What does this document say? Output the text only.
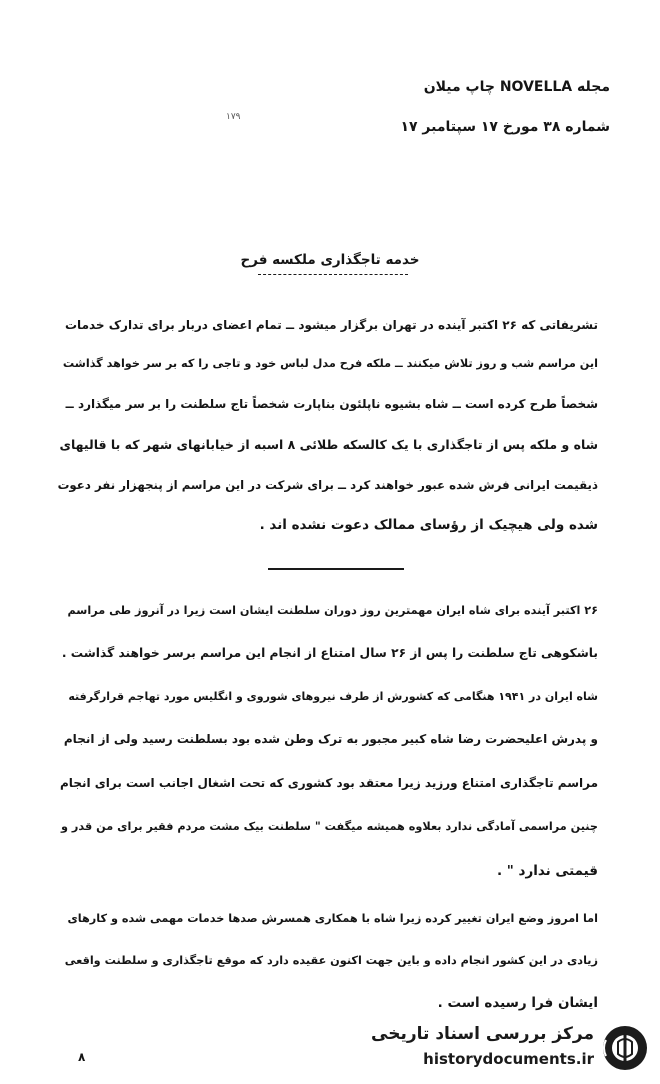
مجله NOVELLA چاپ میلان
شماره ۳۸ مورخ ۱۷ سپتامبر ۱۷
۱۷۹
خدمه تاجگذاری ملکسه فرح
تشریفاتی که ۲۶ اکتبر آینده در تهران برگزار میشود ــ تمام اعضای دربار برای تدارک خدمات
این مراسم شب و روز تلاش میکنند ــ ملکه فرح مدل لباس خود و تاجی را که بر سر خواهد گذاشت
شخصاً طرح کرده است ــ شاه بشیوه ناپلئون بناپارت شخصاً تاج سلطنت را بر سر میگذارد ــ
شاه و ملکه پس از تاجگذاری با یک کالسکه طلائی ۸ اسبه از خیابانهای شهر که با قالیهای
ذیقیمت ایرانی فرش شده عبور خواهند کرد ــ برای شرکت در این مراسم از پنجهزار نفر دعوت
شده ولی هیچیک از رؤسای ممالک دعوت نشده اند .
۲۶ اکتبر آینده برای شاه ایران مهمترین روز دوران سلطنت ایشان است زیرا در آنروز طی مراسم
باشکوهی تاج سلطنت را پس از ۲۶ سال امتناع از انجام این مراسم برسر خواهند گذاشت .
شاه ایران در ۱۹۴۱ هنگامی که کشورش از طرف نیروهای شوروی و انگلیس مورد تهاجم قرارگرفته
و پدرش اعلیحضرت رضا شاه کبیر مجبور به ترک وطن شده بود بسلطنت رسید ولی از انجام
مراسم تاجگذاری امتناع ورزید زیرا معتقد بود کشوری که تحت اشغال اجانب است برای انجام
چنین مراسمی آمادگی ندارد بعلاوه همیشه میگفت " سلطنت بیک مشت مردم فقیر برای من قدر و
قیمتی ندارد " .
اما امروز وضع ایران تغییر کرده زیرا شاه با همکاری همسرش صدها خدمات مهمی شده و کارهای
زیادی در این کشور انجام داده و باین جهت اکنون عقیده دارد که موقع تاجگذاری و سلطنت واقعی
ایشان فرا رسیده است .
۸
مرکز بررسی اسناد تاریخی
historydocuments.ir
